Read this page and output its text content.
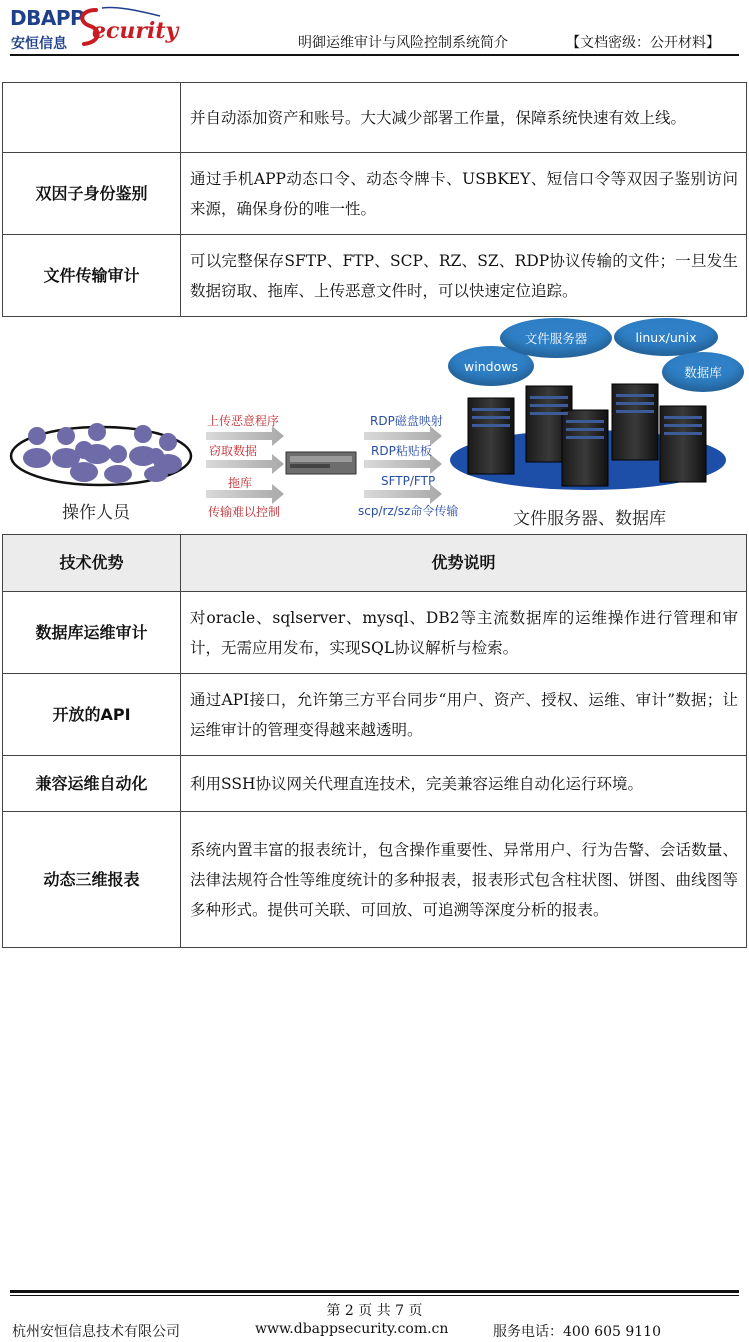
DBAPP ecurity
安恒信息	明御运维审计与风险控制系统简介	【文档密级：公开材料】
	并自动添加资产和账号。大大减少部署工作量，保障系统快速有效上线。
双因子身份鉴别	通过手机APP动态口令、动态令牌卡、USBKEY、短信口令等双因子鉴别访问来源，确保身份的唯一性。
文件传输审计	可以完整保存SFTP、FTP、SCP、RZ、SZ、RDP协议传输的文件；一旦发生数据窃取、拖库、上传恶意文件时，可以快速定位追踪。
操作人员
上传恶意程序
窃取数据
拖库
传输难以控制
RDP磁盘映射
RDP粘贴板
SFTP/FTP
scp/rz/sz命令传输
windows
文件服务器	linux/unix
数据库
文件服务器、数据库
技术优势	优势说明
数据库运维审计	对oracle、sqlserver、mysql、DB2等主流数据库的运维操作进行管理和审计，无需应用发布，实现SQL协议解析与检索。
开放的API	通过API接口，允许第三方平台同步“用户、资产、授权、运维、审计”数据；让运维审计的管理变得越来越透明。
兼容运维自动化	利用SSH协议网关代理直连技术，完美兼容运维自动化运行环境。
动态三维报表	系统内置丰富的报表统计，包含操作重要性、异常用户、行为告警、会话数量、法律法规符合性等维度统计的多种报表，报表形式包含柱状图、饼图、曲线图等多种形式。提供可关联、可回放、可追溯等深度分析的报表。
第 2 页 共 7 页
杭州安恒信息技术有限公司	www.dbappsecurity.com.cn	服务电话：400 605 9110
